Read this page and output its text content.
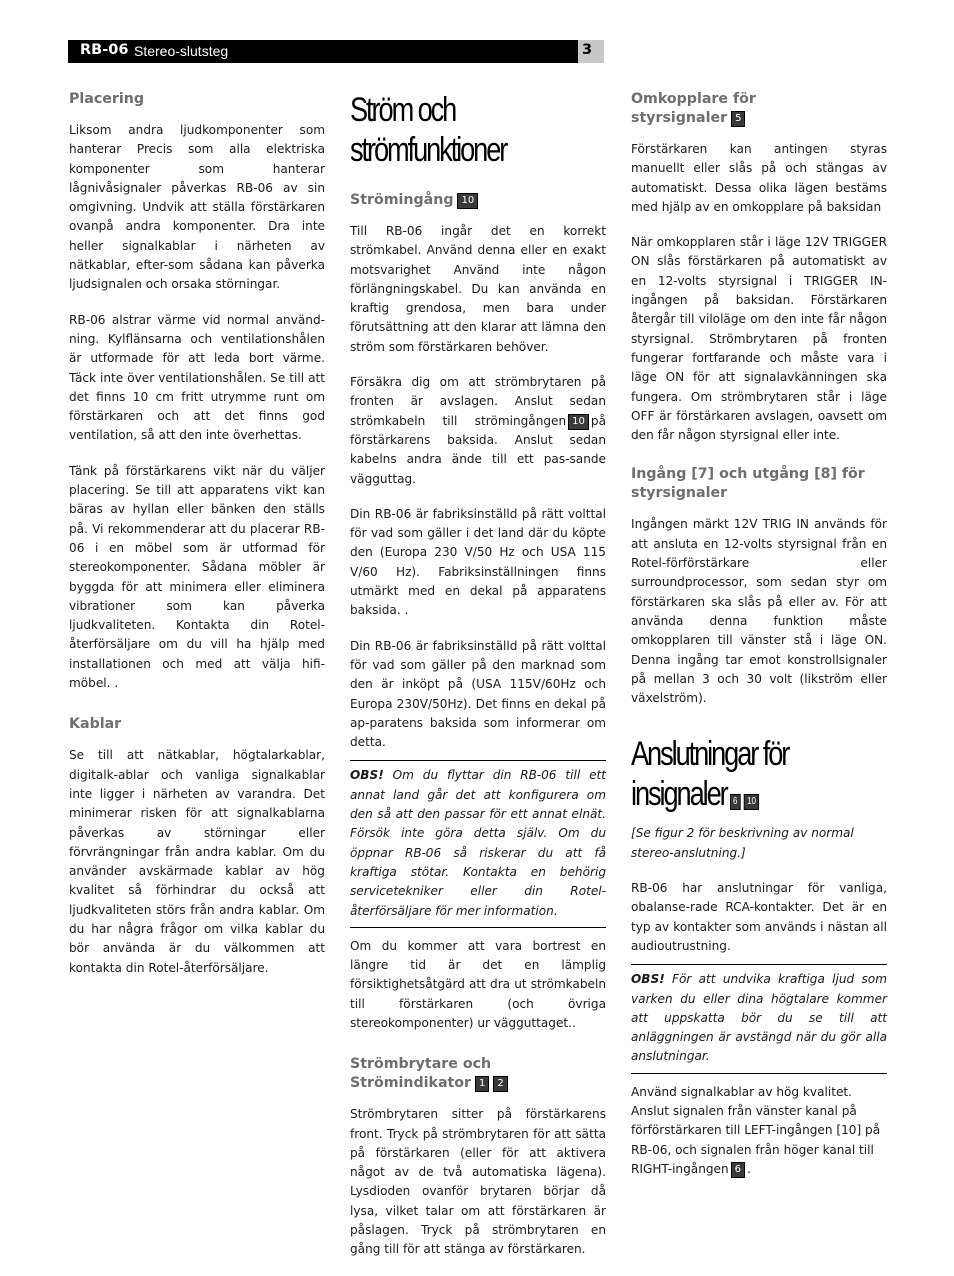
RB-06 Stereo-slutsteg	3
Placering

Liksom andra ljudkomponenter som hanterar Precis som alla elektriska komponenter som hanterar lågnivåsignaler påverkas RB-06 av sin omgivning. Undvik att ställa förstärkaren ovanpå andra komponenter. Dra inte heller signalkablar i närheten av nätkablar, efter-som sådana kan påverka ljudsignalen och orsaka störningar.

RB-06 alstrar värme vid normal använd-ning. Kylflänsarna och ventilationshålen är utformade för att leda bort värme. Täck inte över ventilationshålen. Se till att det finns 10 cm fritt utrymme runt om förstärkaren och att det finns god ventilation, så att den inte överhettas.

Tänk på förstärkarens vikt när du väljer placering. Se till att apparatens vikt kan bäras av hyllan eller bänken den ställs på. Vi rekommenderar att du placerar RB-06 i en möbel som är utformad för stereokomponenter. Sådana möbler är byggda för att minimera eller eliminera vibrationer som kan påverka ljudkvaliteten. Kontakta din Rotel-återförsäljare om du vill ha hjälp med installationen och med att välja hifi-möbel. .

Kablar

Se till att nätkablar, högtalarkablar, digitalk-ablar och vanliga signalkablar inte ligger i närheten av varandra. Det minimerar risken för att signalkablarna påverkas av störningar eller förvrängningar från andra kablar. Om du använder avskärmade kablar av hög kvalitet så förhindrar du också att ljudkvaliteten störs från andra kablar. Om du har några frågor om vilka kablar du bör använda är du välkommen att kontakta din Rotel-återförsäljare.

Ström och
strömfunktioner
Strömingång 10

Till RB-06 ingår det en korrekt strömkabel. Använd denna eller en exakt motsvarighet Använd inte någon förlängningskabel. Du kan använda en kraftig grendosa, men bara under förutsättning att den klarar att lämna den ström som förstärkaren behöver.

Försäkra dig om att strömbrytaren på fronten är avslagen. Anslut sedan strömkabeln till strömingången 10 på förstärkarens baksida. Anslut sedan kabelns andra ände till ett pas-sande vägguttag.

Din RB-06 är fabriksinställd på rätt volttal för vad som gäller i det land där du köpte den (Europa 230 V/50 Hz och USA 115 V/60 Hz). Fabriksinställningen finns utmärkt med en dekal på apparatens baksida. .

Din RB-06 är fabriksinställd på rätt volttal för vad som gäller på den marknad som den är inköpt på (USA 115V/60Hz och Europa 230V/50Hz). Det finns en dekal på ap-paratens baksida som informerar om detta.

OBS! Om du flyttar din RB-06 till ett annat land går det att konfigurera om den så att den passar för ett annat elnät. Försök inte göra detta själv. Om du öppnar RB-06 så riskerar du att få kraftiga stötar. Kontakta en behörig servicetekniker eller din Rotel-återförsäljare för mer information.

Om du kommer att vara bortrest en längre tid är det en lämplig försiktighetsåtgärd att dra ut strömkabeln till förstärkaren (och övriga stereokomponenter) ur vägguttaget..

Strömbrytare och
Strömindikator 1 2

Strömbrytaren sitter på förstärkarens front. Tryck på strömbrytaren för att sätta på förstärkaren (eller för att aktivera något av de två automatiska lägena). Lysdioden ovanför brytaren börjar då lysa, vilket talar om att förstärkaren är påslagen. Tryck på strömbrytaren en gång till för att stänga av förstärkaren.

Omkopplare för
styrsignaler 5

Förstärkaren kan antingen styras manuellt eller slås på och stängas av automatiskt. Dessa olika lägen bestäms med hjälp av en omkopplare på baksidan

När omkopplaren står i läge 12V TRIGGER ON slås förstärkaren på automatiskt av en 12-volts styrsignal i TRIGGER IN-ingången på baksidan. Förstärkaren återgår till viloläge om den inte får någon styrsignal. Strömbrytaren på fronten fungerar fortfarande och måste vara i läge ON för att signalavkänningen ska fungera. Om strömbrytaren står i läge OFF är förstärkaren avslagen, oavsett om den får någon styrsignal eller inte.

Ingång [7] och utgång [8] för styrsignaler

Ingången märkt 12V TRIG IN används för att ansluta en 12-volts styrsignal från en Rotel-förförstärkare eller surroundprocessor, som sedan styr om förstärkaren ska slås på eller av. För att använda denna funktion måste omkopplaren till vänster stå i läge ON. Denna ingång tar emot konstrollsignaler på mellan 3 och 30 volt (likström eller växelström).

Anslutningar för
insignaler 6 10

[Se figur 2 för beskrivning av normal stereo-anslutning.]

RB-06 har anslutningar för vanliga, obalanse-rade RCA-kontakter. Det är en typ av kontakter som används i nästan all audioutrustning.

OBS! För att undvika kraftiga ljud som varken du eller dina högtalare kommer att uppskatta bör du se till att anläggningen är avstängd när du gör alla anslutningar.

Använd signalkablar av hög kvalitet. Anslut signalen från vänster kanal på förförstärkaren till LEFT-ingången [10] på RB-06, och signalen från höger kanal till RIGHT-ingången 6 .
